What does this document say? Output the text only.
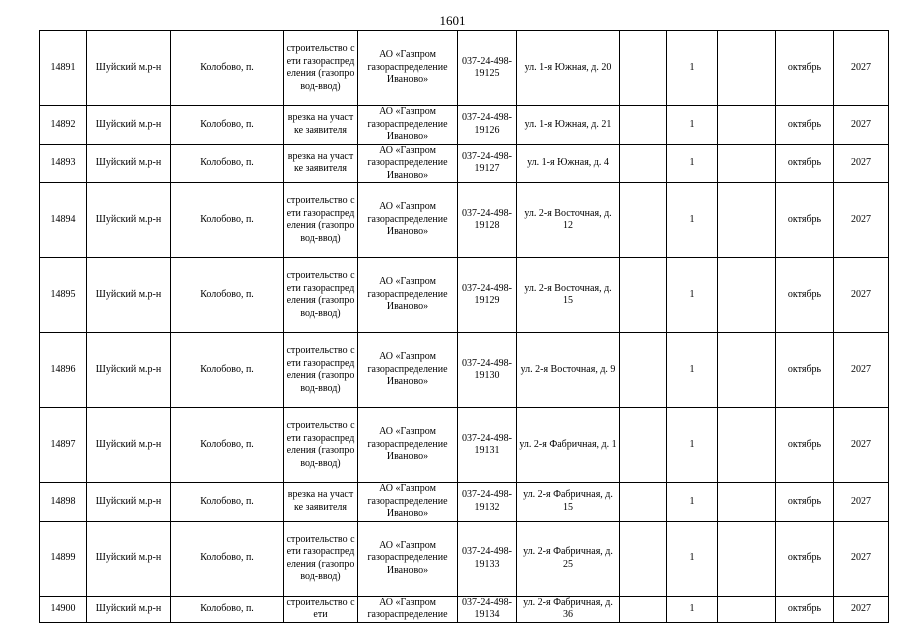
1601
14891	Шуйский м.р-н	Колобово, п.	строительство сети газораспределения (газопровод-ввод)	АО «Газпром газораспределение Иваново»	037-24-498-19125	ул. 1-я Южная, д. 20		1		октябрь	2027
14892	Шуйский м.р-н	Колобово, п.	врезка на участке заявителя	АО «Газпром газораспределение Иваново»	037-24-498-19126	ул. 1-я Южная, д. 21		1		октябрь	2027
14893	Шуйский м.р-н	Колобово, п.	врезка на участке заявителя	АО «Газпром газораспределение Иваново»	037-24-498-19127	ул. 1-я Южная, д. 4		1		октябрь	2027
14894	Шуйский м.р-н	Колобово, п.	строительство сети газораспределения (газопровод-ввод)	АО «Газпром газораспределение Иваново»	037-24-498-19128	ул. 2-я Восточная, д. 12		1		октябрь	2027
14895	Шуйский м.р-н	Колобово, п.	строительство сети газораспределения (газопровод-ввод)	АО «Газпром газораспределение Иваново»	037-24-498-19129	ул. 2-я Восточная, д. 15		1		октябрь	2027
14896	Шуйский м.р-н	Колобово, п.	строительство сети газораспределения (газопровод-ввод)	АО «Газпром газораспределение Иваново»	037-24-498-19130	ул. 2-я Восточная, д. 9		1		октябрь	2027
14897	Шуйский м.р-н	Колобово, п.	строительство сети газораспределения (газопровод-ввод)	АО «Газпром газораспределение Иваново»	037-24-498-19131	ул. 2-я Фабричная, д. 1		1		октябрь	2027
14898	Шуйский м.р-н	Колобово, п.	врезка на участке заявителя	АО «Газпром газораспределение Иваново»	037-24-498-19132	ул. 2-я Фабричная, д. 15		1		октябрь	2027
14899	Шуйский м.р-н	Колобово, п.	строительство сети газораспределения (газопровод-ввод)	АО «Газпром газораспределение Иваново»	037-24-498-19133	ул. 2-я Фабричная, д. 25		1		октябрь	2027
14900	Шуйский м.р-н	Колобово, п.	строительство сети	АО «Газпром газораспределение	037-24-498-19134	ул. 2-я Фабричная, д. 36		1		октябрь	2027
